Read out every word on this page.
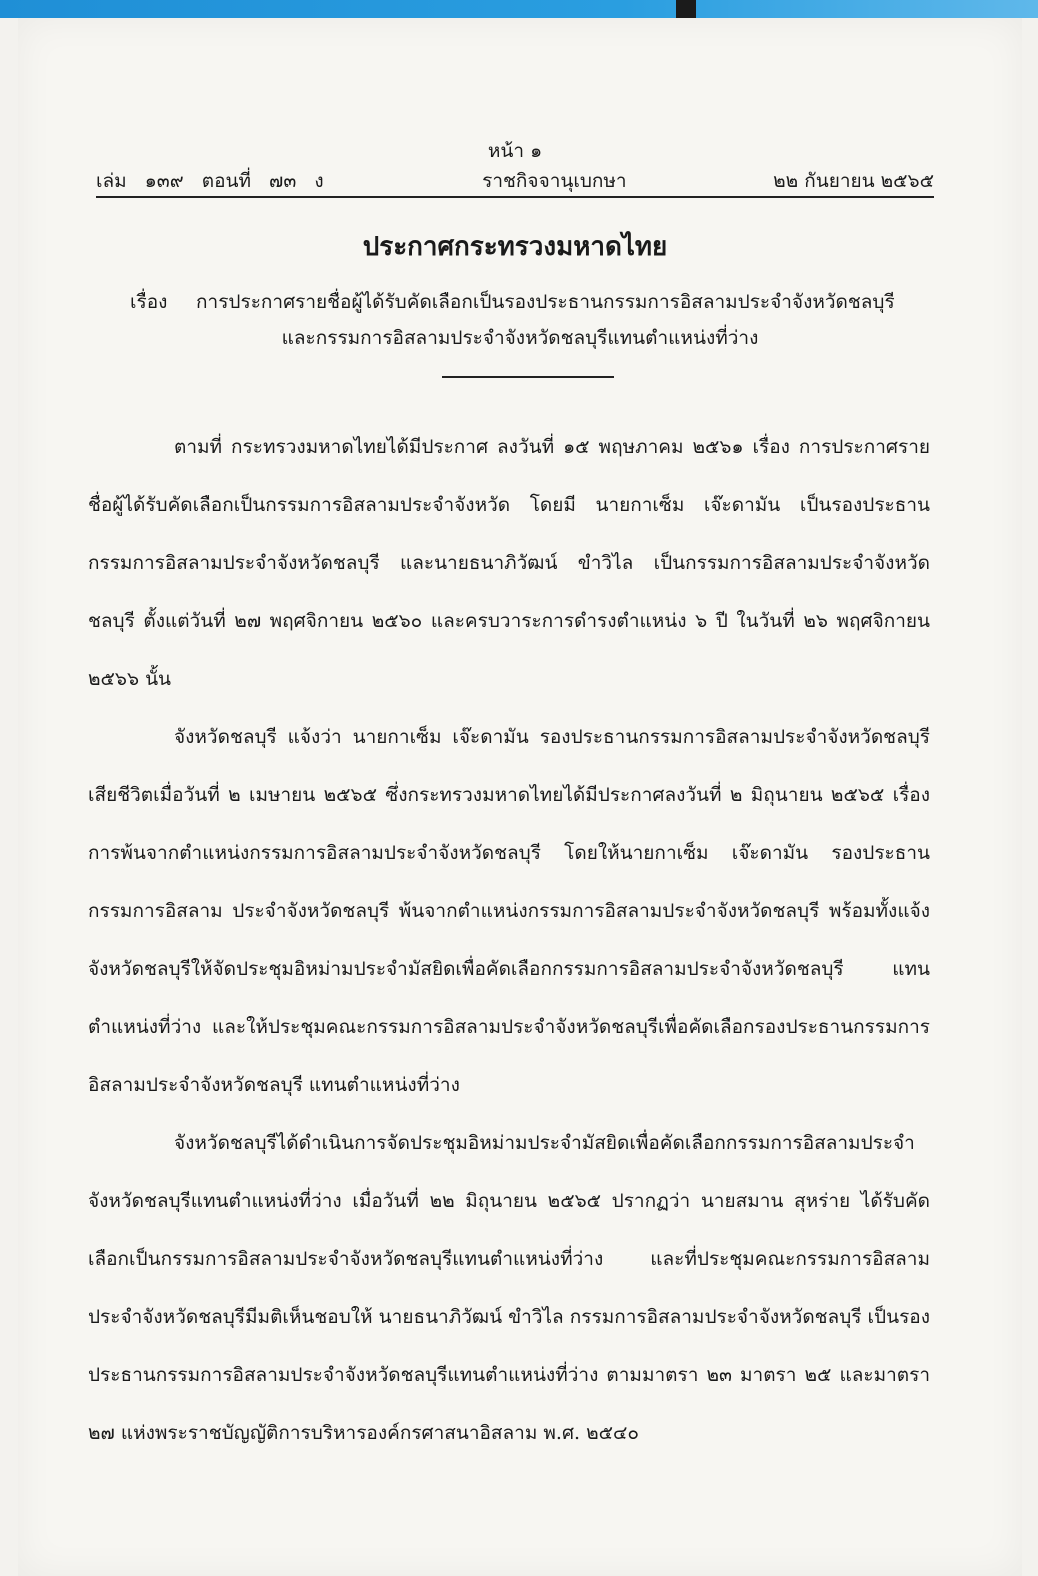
หน้า ๑
เล่ม ๑๓๙ ตอนที่ ๗๓ ง	ราชกิจจานุเบกษา	๒๒ กันยายน ๒๕๖๕
ประกาศกระทรวงมหาดไทย
เรื่อง การประกาศรายชื่อผู้ได้รับคัดเลือกเป็นรองประธานกรรมการอิสลามประจำจังหวัดชลบุรี
และกรรมการอิสลามประจำจังหวัดชลบุรีแทนตำแหน่งที่ว่าง

ตามที่ กระทรวงมหาดไทยได้มีประกาศ ลงวันที่ ๑๕ พฤษภาคม ๒๕๖๑ เรื่อง การประกาศรายชื่อผู้ได้รับคัดเลือกเป็นกรรมการอิสลามประจำจังหวัด โดยมี นายกาเซ็ม เจ๊ะดามัน เป็นรองประธานกรรมการอิสลามประจำจังหวัดชลบุรี และนายธนาภิวัฒน์ ขำวิไล เป็นกรรมการอิสลามประจำจังหวัดชลบุรี ตั้งแต่วันที่ ๒๗ พฤศจิกายน ๒๕๖๐ และครบวาระการดำรงตำแหน่ง ๖ ปี ในวันที่ ๒๖ พฤศจิกายน ๒๕๖๖ นั้น

จังหวัดชลบุรี แจ้งว่า นายกาเซ็ม เจ๊ะดามัน รองประธานกรรมการอิสลามประจำจังหวัดชลบุรี เสียชีวิตเมื่อวันที่ ๒ เมษายน ๒๕๖๕ ซึ่งกระทรวงมหาดไทยได้มีประกาศลงวันที่ ๒ มิถุนายน ๒๕๖๕ เรื่อง การพ้นจากตำแหน่งกรรมการอิสลามประจำจังหวัดชลบุรี โดยให้นายกาเซ็ม เจ๊ะดามัน รองประธานกรรมการอิสลาม ประจำจังหวัดชลบุรี พ้นจากตำแหน่งกรรมการอิสลามประจำจังหวัดชลบุรี พร้อมทั้งแจ้งจังหวัดชลบุรีให้จัดประชุมอิหม่ามประจำมัสยิดเพื่อคัดเลือกกรรมการอิสลามประจำจังหวัดชลบุรี แทนตำแหน่งที่ว่าง และให้ประชุมคณะกรรมการอิสลามประจำจังหวัดชลบุรีเพื่อคัดเลือกรองประธานกรรมการอิสลามประจำจังหวัดชลบุรี แทนตำแหน่งที่ว่าง

จังหวัดชลบุรีได้ดำเนินการจัดประชุมอิหม่ามประจำมัสยิดเพื่อคัดเลือกกรรมการอิสลามประจำจังหวัดชลบุรีแทนตำแหน่งที่ว่าง เมื่อวันที่ ๒๒ มิถุนายน ๒๕๖๕ ปรากฏว่า นายสมาน สุหร่าย ได้รับคัดเลือกเป็นกรรมการอิสลามประจำจังหวัดชลบุรีแทนตำแหน่งที่ว่าง และที่ประชุมคณะกรรมการอิสลามประจำจังหวัดชลบุรีมีมติเห็นชอบให้ นายธนาภิวัฒน์ ขำวิไล กรรมการอิสลามประจำจังหวัดชลบุรี เป็นรองประธานกรรมการอิสลามประจำจังหวัดชลบุรีแทนตำแหน่งที่ว่าง ตามมาตรา ๒๓ มาตรา ๒๕ และมาตรา ๒๗ แห่งพระราชบัญญัติการบริหารองค์กรศาสนาอิสลาม พ.ศ. ๒๕๔๐
